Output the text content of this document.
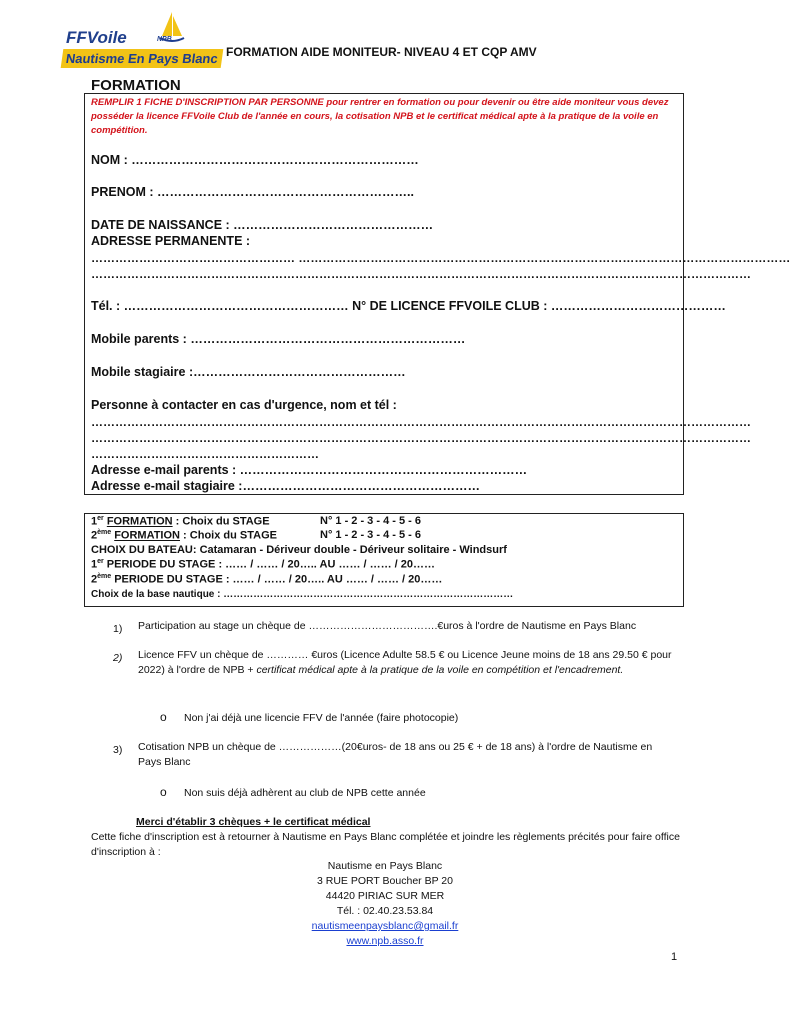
FFVoile	NPB
Nautisme En Pays Blanc FORMATION AIDE MONITEUR- NIVEAU 4 ET CQP AMV
FORMATION
REMPLIR 1 FICHE D'INSCRIPTION PAR PERSONNE pour rentrer en formation ou pour devenir ou être aide moniteur vous devez posséder la licence FFVoile Club de l'année en cours, la cotisation NPB et le certificat médical apte à la pratique de la voile en compétition.
NOM : ……………………………………………………………
PRENOM : ……………………………………………………..
DATE DE NAISSANCE : …………………………………………
ADRESSE PERMANENTE :
…………………………………………… ……………………………………………………………………………………………………………
…………………………………………………………………………………………………………………………………………………
Tél. : ……………………………………………… N° DE LICENCE FFVOILE CLUB : ……………………………………
Mobile parents : …………………………………………………………
Mobile stagiaire :……………………………………………
Personne à contacter en cas d'urgence, nom et tél :
…………………………………………………………………………………………………………………………………………………
…………………………………………………………………………………………………………………………………………………
…………………………………………………
Adresse e-mail parents : ……………………………………………………………
Adresse e-mail stagiaire :…………………………………………………
1er FORMATION : Choix du STAGE	N° 1 - 2 - 3 - 4 - 5 - 6
2ème FORMATION : Choix du STAGE	N° 1 - 2 - 3 - 4 - 5 - 6
CHOIX DU BATEAU: Catamaran - Dériveur double - Dériveur solitaire - Windsurf
1er PERIODE DU STAGE : …… / …… / 20….. AU …… / …… / 20……
2ème PERIODE DU STAGE : …… / …… / 20….. AU …… / …… / 20……
Choix de la base nautique : ……………………………………………………………………………
1) Participation au stage un chèque de ……………………………….€uros à l'ordre de Nautisme en Pays Blanc
2) Licence FFV un chèque de ………… €uros (Licence Adulte 58.5 € ou Licence Jeune moins de 18 ans 29.50 € pour 2022) à l'ordre de NPB + certificat médical apte à la pratique de la voile en compétition et l'encadrement.
o Non j'ai déjà une licencie FFV de l'année (faire photocopie)
3) Cotisation NPB un chèque de ………………(20€uros- de 18 ans ou 25 € + de 18 ans) à l'ordre de Nautisme en Pays Blanc
o Non suis déjà adhèrent au club de NPB cette année
Merci d'établir 3 chèques + le certificat médical
Cette fiche d'inscription est à retourner à Nautisme en Pays Blanc complétée et joindre les règlements précités pour faire office d'inscription à :
Nautisme en Pays Blanc
3 RUE PORT Boucher BP 20
44420 PIRIAC SUR MER
Tél. : 02.40.23.53.84
nautismeenpaysblanc@gmail.fr
www.npb.asso.fr
1
